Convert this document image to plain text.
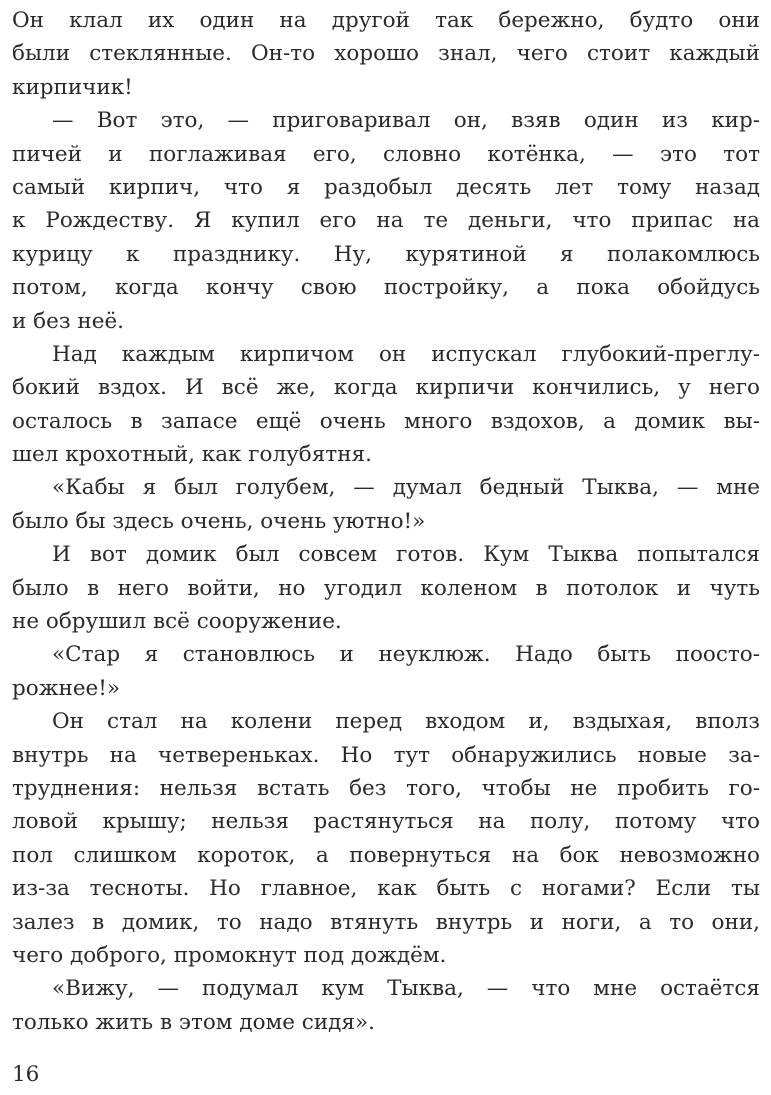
Он клал их один на другой так бережно, будто они
были стеклянные. Он-то хорошо знал, чего стоит каждый
кирпичик!
— Вот это, — приговаривал он, взяв один из кир-
пичей и поглаживая его, словно котёнка, — это тот
самый кирпич, что я раздобыл десять лет тому назад
к Рождеству. Я купил его на те деньги, что припас на
курицу к празднику. Ну, курятиной я полакомлюсь
потом, когда кончу свою постройку, а пока обойдусь
и без неё.
Над каждым кирпичом он испускал глубокий-преглу-
бокий вздох. И всё же, когда кирпичи кончились, у него
осталось в запасе ещё очень много вздохов, а домик вы-
шел крохотный, как голубятня.
«Кабы я был голубем, — думал бедный Тыква, — мне
было бы здесь очень, очень уютно!»
И вот домик был совсем готов. Кум Тыква попытался
было в него войти, но угодил коленом в потолок и чуть
не обрушил всё сооружение.
«Стар я становлюсь и неуклюж. Надо быть поосто-
рожнее!»
Он стал на колени перед входом и, вздыхая, вполз
внутрь на четвереньках. Но тут обнаружились новые за-
труднения: нельзя встать без того, чтобы не пробить го-
ловой крышу; нельзя растянуться на полу, потому что
пол слишком короток, а повернуться на бок невозможно
из-за тесноты. Но главное, как быть с ногами? Если ты
залез в домик, то надо втянуть внутрь и ноги, а то они,
чего доброго, промокнут под дождём.
«Вижу, — подумал кум Тыква, — что мне остаётся
только жить в этом доме сидя».
16
